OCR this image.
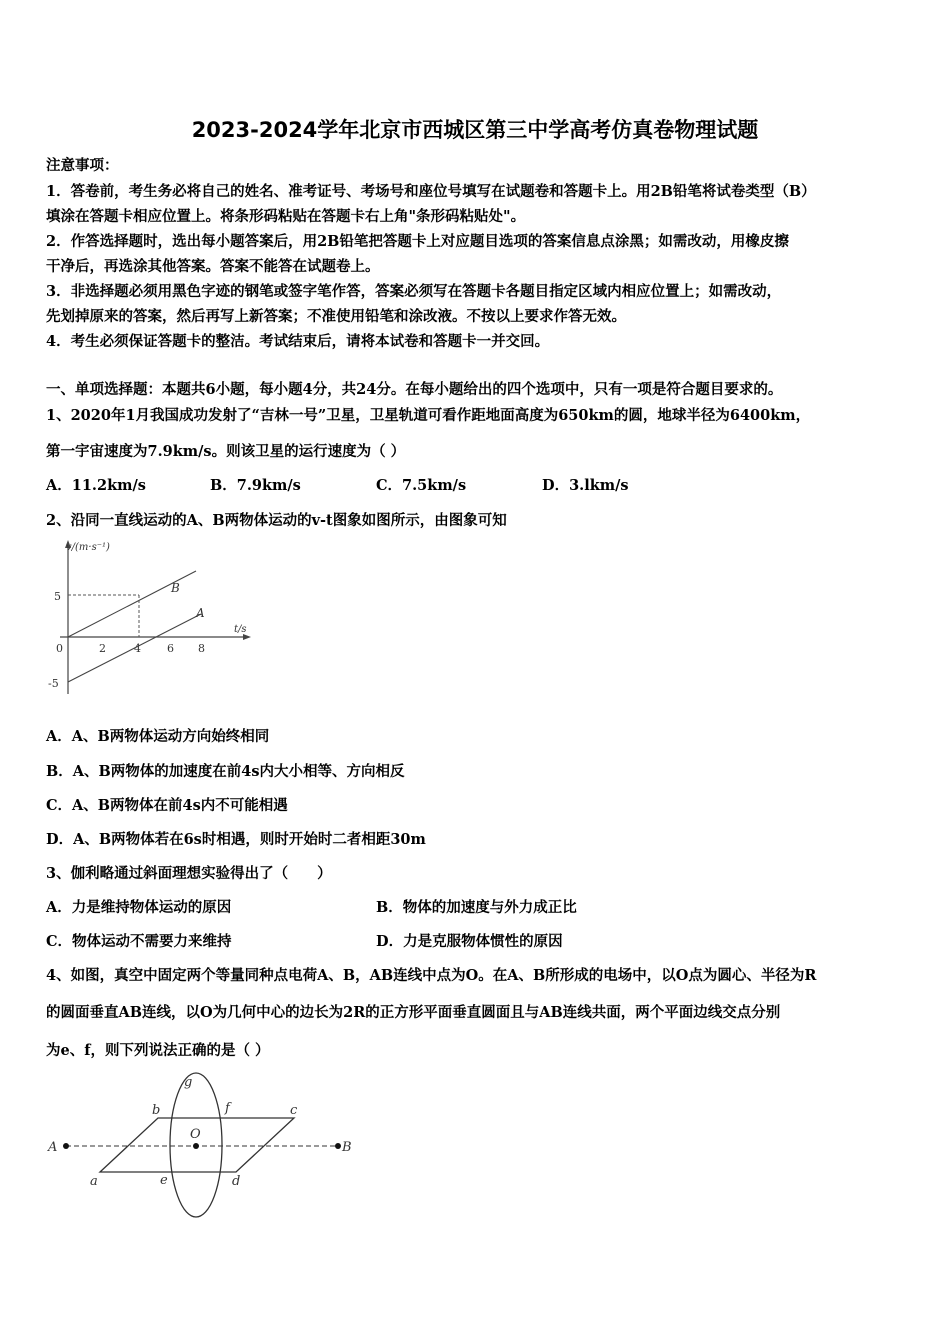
2023-2024学年北京市西城区第三中学高考仿真卷物理试题
注意事项：
1．答卷前，考生务必将自己的姓名、准考证号、考场号和座位号填写在试题卷和答题卡上。用2B铅笔将试卷类型（B）
填涂在答题卡相应位置上。将条形码粘贴在答题卡右上角"条形码粘贴处"。
2．作答选择题时，选出每小题答案后，用2B铅笔把答题卡上对应题目选项的答案信息点涂黑；如需改动，用橡皮擦
干净后，再选涂其他答案。答案不能答在试题卷上。
3．非选择题必须用黑色字迹的钢笔或签字笔作答，答案必须写在答题卡各题目指定区域内相应位置上；如需改动，
先划掉原来的答案，然后再写上新答案；不准使用铅笔和涂改液。不按以上要求作答无效。
4．考生必须保证答题卡的整洁。考试结束后，请将本试卷和答题卡一并交回。
一、单项选择题：本题共6小题，每小题4分，共24分。在每小题给出的四个选项中，只有一项是符合题目要求的。
1、2020年1月我国成功发射了“吉林一号”卫星，卫星轨道可看作距地面高度为650km的圆，地球半径为6400km，
第一宇宙速度为7.9km/s。则该卫星的运行速度为（ ）
A．11.2km/s	B．7.9km/s	C．7.5km/s	D．3.lkm/s
2、沿同一直线运动的A、B两物体运动的v-t图象如图所示，由图象可知
v/(m·s⁻¹)
t/s
5
-5
0	2	4 6 8
B
A
A．A、B两物体运动方向始终相同
B．A、B两物体的加速度在前4s内大小相等、方向相反
C．A、B两物体在前4s内不可能相遇
D．A、B两物体若在6s时相遇，则时开始时二者相距30m
3、伽利略通过斜面理想实验得出了（　　）
A．力是维持物体运动的原因	B．物体的加速度与外力成正比
C．物体运动不需要力来维持	D．力是克服物体惯性的原因
4、如图，真空中固定两个等量同种点电荷A、B，AB连线中点为O。在A、B所形成的电场中，以O点为圆心、半径为R
的圆面垂直AB连线，以O为几何中心的边长为2R的正方形平面垂直圆面且与AB连线共面，两个平面边线交点分别
为e、f，则下列说法正确的是（ ）
A	B
O
a
b	c
d
e
f
g
